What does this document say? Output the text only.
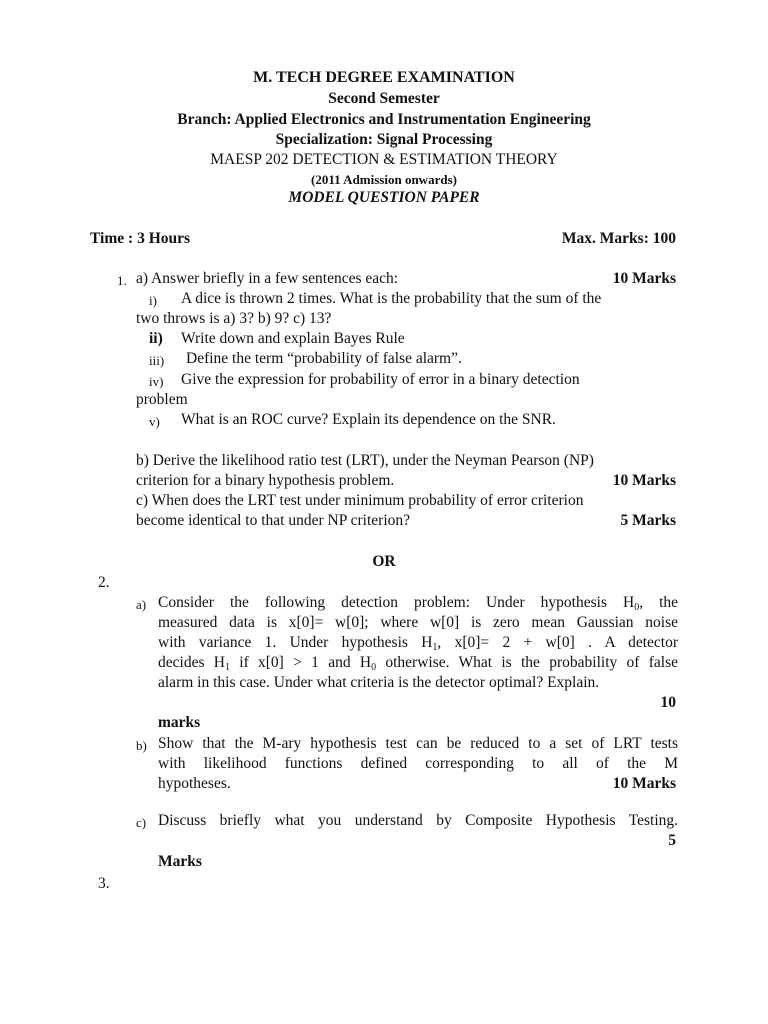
M. TECH DEGREE EXAMINATION
Second Semester
Branch: Applied Electronics and Instrumentation Engineering
Specialization: Signal Processing
MAESP 202 DETECTION & ESTIMATION THEORY
(2011 Admission onwards)
MODEL QUESTION PAPER
Time : 3 Hours	Max. Marks: 100
1. a) Answer briefly in a few sentences each:	10 Marks
i) A dice is thrown 2 times. What is the probability that the sum of the
two throws is a) 3? b) 9? c) 13?
ii) Write down and explain Bayes Rule
iii) Define the term “probability of false alarm”.
iv) Give the expression for probability of error in a binary detection
problem
v) What is an ROC curve? Explain its dependence on the SNR.
b) Derive the likelihood ratio test (LRT), under the Neyman Pearson (NP)
criterion for a binary hypothesis problem.	10 Marks
c) When does the LRT test under minimum probability of error criterion
become identical to that under NP criterion?	5 Marks
OR
2.
a) Consider the following detection problem: Under hypothesis $H_0$, the
measured data is x[0]= w[0]; where w[0] is zero mean Gaussian noise
with variance 1. Under hypothesis $H_1$, x[0]= 2 + w[0] . A detector
decides $H_1$ if x[0] > 1 and $H_0$ otherwise. What is the probability of false
alarm in this case. Under what criteria is the detector optimal? Explain.
10
marks
b) Show that the M-ary hypothesis test can be reduced to a set of LRT tests
with likelihood functions defined corresponding to all of the M
hypotheses.	10 Marks
c) Discuss briefly what you understand by Composite Hypothesis Testing.
5
Marks
3.
